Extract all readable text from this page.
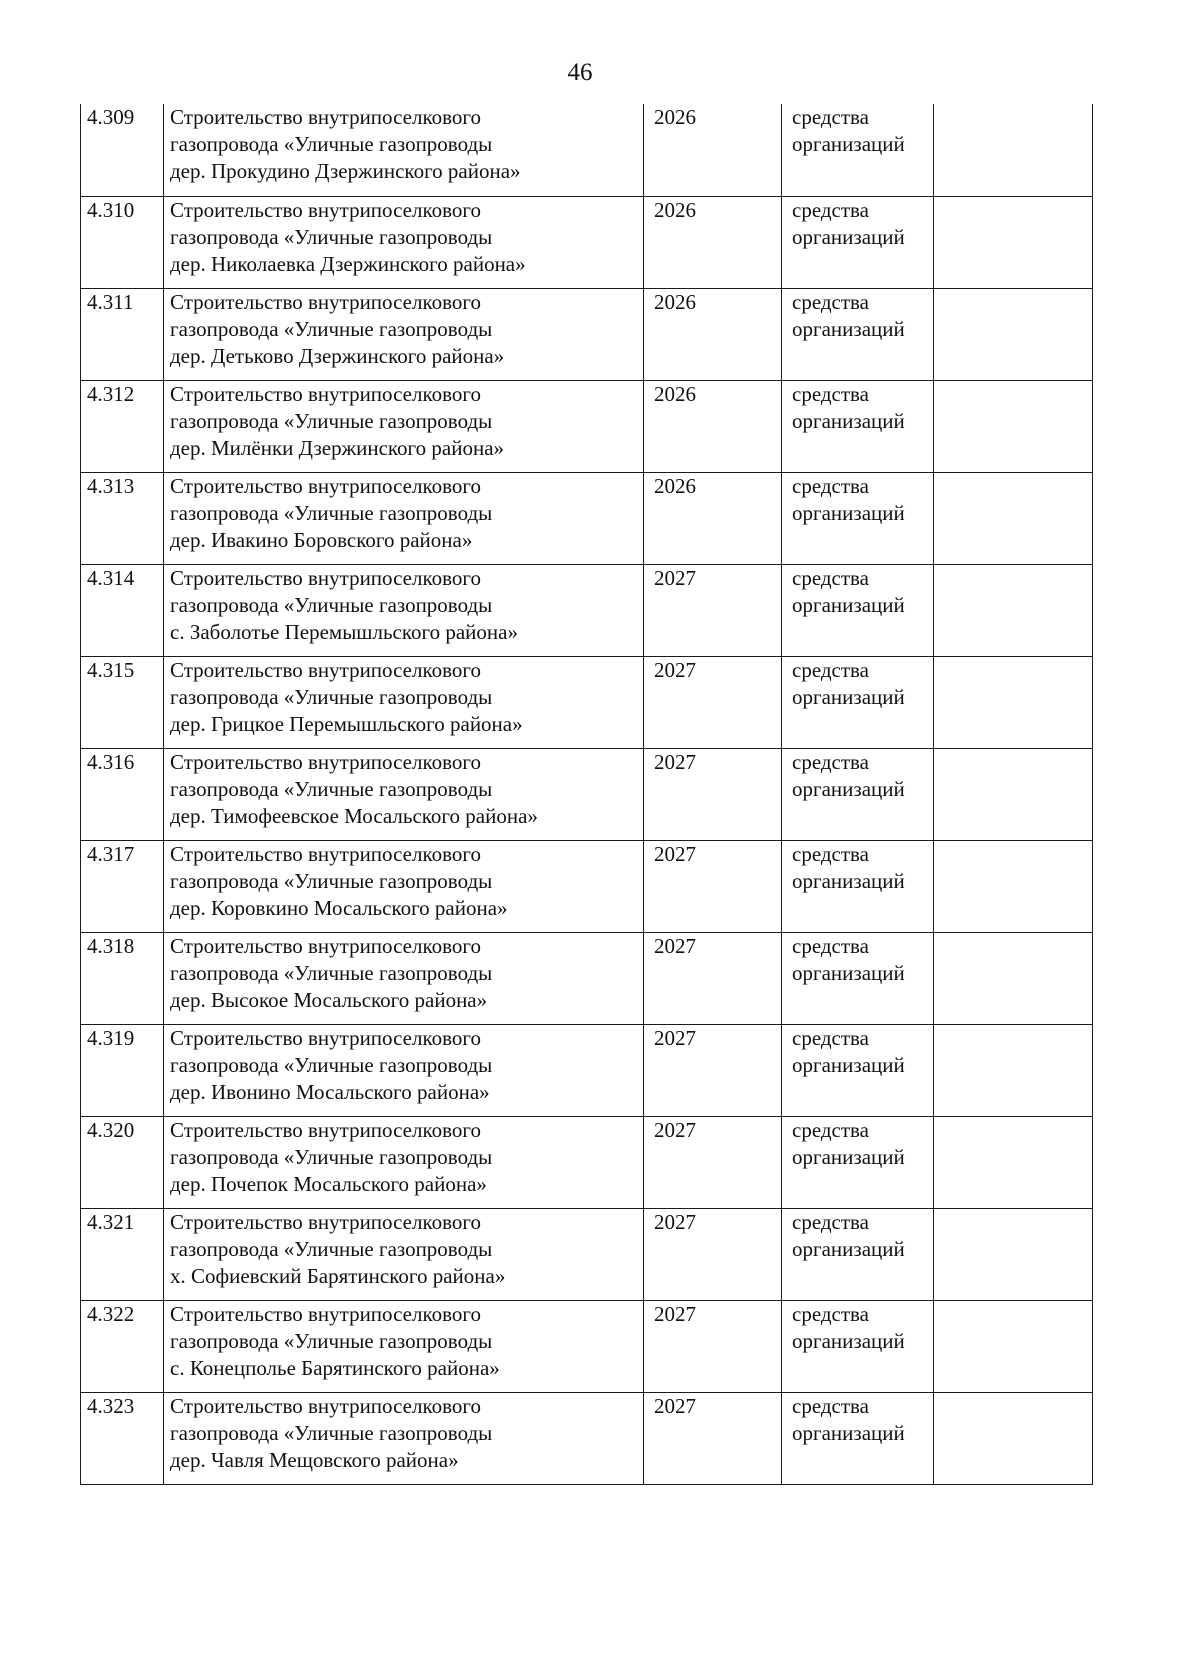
46
4.309	Строительство внутрипоселкового
газопровода «Уличные газопроводы
дер. Прокудино Дзержинского района»	2026	средства
организаций	

4.310	Строительство внутрипоселкового
газопровода «Уличные газопроводы
дер. Николаевка Дзержинского района»	2026	средства
организаций	

4.311	Строительство внутрипоселкового
газопровода «Уличные газопроводы
дер. Детьково Дзержинского района»	2026	средства
организаций	

4.312	Строительство внутрипоселкового
газопровода «Уличные газопроводы
дер. Милёнки Дзержинского района»	2026	средства
организаций	

4.313	Строительство внутрипоселкового
газопровода «Уличные газопроводы
дер. Ивакино Боровского района»	2026	средства
организаций	

4.314	Строительство внутрипоселкового
газопровода «Уличные газопроводы
с. Заболотье Перемышльского района»	2027	средства
организаций	

4.315	Строительство внутрипоселкового
газопровода «Уличные газопроводы
дер. Грицкое Перемышльского района»	2027	средства
организаций	

4.316	Строительство внутрипоселкового
газопровода «Уличные газопроводы
дер. Тимофеевское Мосальского района»	2027	средства
организаций	

4.317	Строительство внутрипоселкового
газопровода «Уличные газопроводы
дер. Коровкино Мосальского района»	2027	средства
организаций	

4.318	Строительство внутрипоселкового
газопровода «Уличные газопроводы
дер. Высокое Мосальского района»	2027	средства
организаций	

4.319	Строительство внутрипоселкового
газопровода «Уличные газопроводы
дер. Ивонино Мосальского района»	2027	средства
организаций	

4.320	Строительство внутрипоселкового
газопровода «Уличные газопроводы
дер. Почепок Мосальского района»	2027	средства
организаций	

4.321	Строительство внутрипоселкового
газопровода «Уличные газопроводы
х. Софиевский Барятинского района»	2027	средства
организаций	

4.322	Строительство внутрипоселкового
газопровода «Уличные газопроводы
с. Конецполье Барятинского района»	2027	средства
организаций	

4.323	Строительство внутрипоселкового
газопровода «Уличные газопроводы
дер. Чавля Мещовского района»	2027	средства
организаций	
